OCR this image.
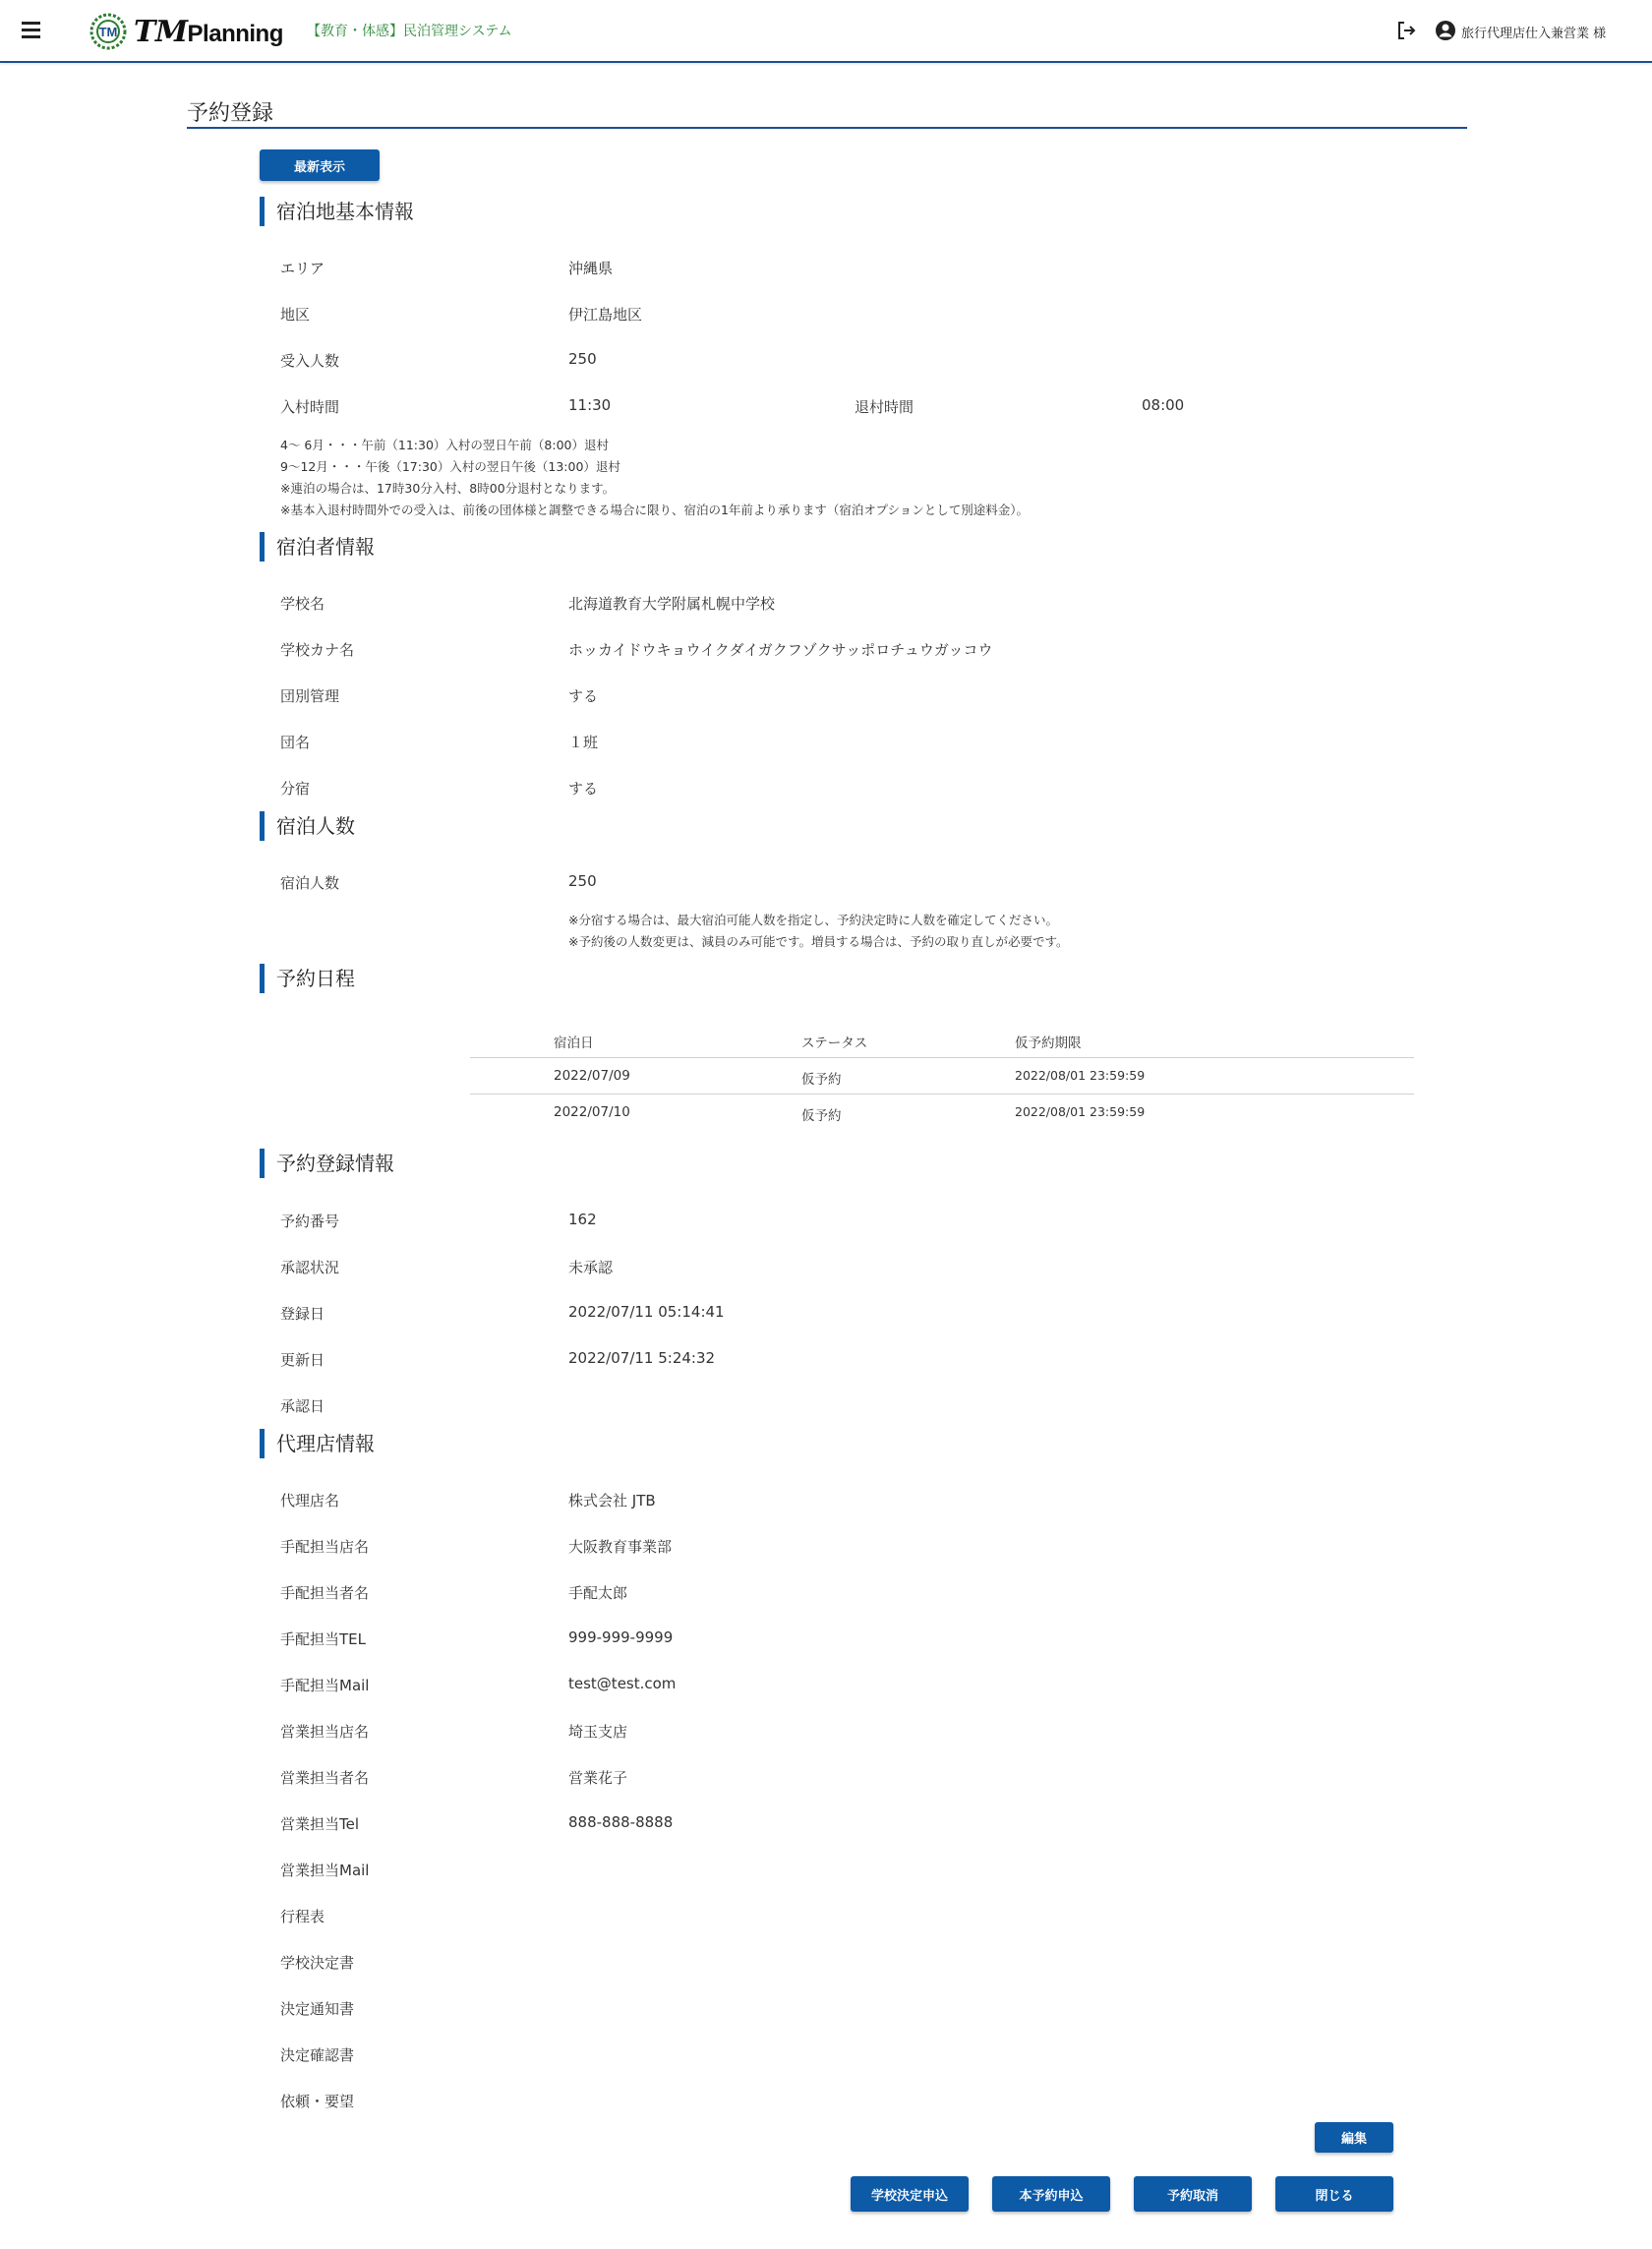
TM TMPlanning 【教育・体感】民泊管理システム	旅行代理店仕入兼営業 様
予約登録
最新表示
宿泊地基本情報
エリア	沖縄県
地区	伊江島地区
受入人数	250
入村時間	11:30	退村時間	08:00
4～ 6月・・・午前（11:30）入村の翌日午前（8:00）退村
9～12月・・・午後（17:30）入村の翌日午後（13:00）退村
※連泊の場合は、17時30分入村、8時00分退村となります。
※基本入退村時間外での受入は、前後の団体様と調整できる場合に限り、宿泊の1年前より承ります（宿泊オプションとして別途料金）。
宿泊者情報
学校名	北海道教育大学附属札幌中学校
学校カナ名	ホッカイドウキョウイクダイガクフゾクサッポロチュウガッコウ
団別管理	する
団名	１班
分宿	する
宿泊人数
宿泊人数	250
※分宿する場合は、最大宿泊可能人数を指定し、予約決定時に人数を確定してください。
※予約後の人数変更は、減員のみ可能です。増員する場合は、予約の取り直しが必要です。
予約日程
宿泊日	ステータス	仮予約期限
2022/07/09	仮予約	2022/08/01 23:59:59
2022/07/10	仮予約	2022/08/01 23:59:59
予約登録情報
予約番号	162
承認状況	未承認
登録日	2022/07/11 05:14:41
更新日	2022/07/11 5:24:32
承認日
代理店情報
代理店名	株式会社 JTB
手配担当店名	大阪教育事業部
手配担当者名	手配太郎
手配担当TEL	999-999-9999
手配担当Mail	test@test.com
営業担当店名	埼玉支店
営業担当者名	営業花子
営業担当Tel	888-888-8888
営業担当Mail
行程表
学校決定書
決定通知書
決定確認書
依頼・要望
編集
学校決定申込	本予約申込	予約取消	閉じる
